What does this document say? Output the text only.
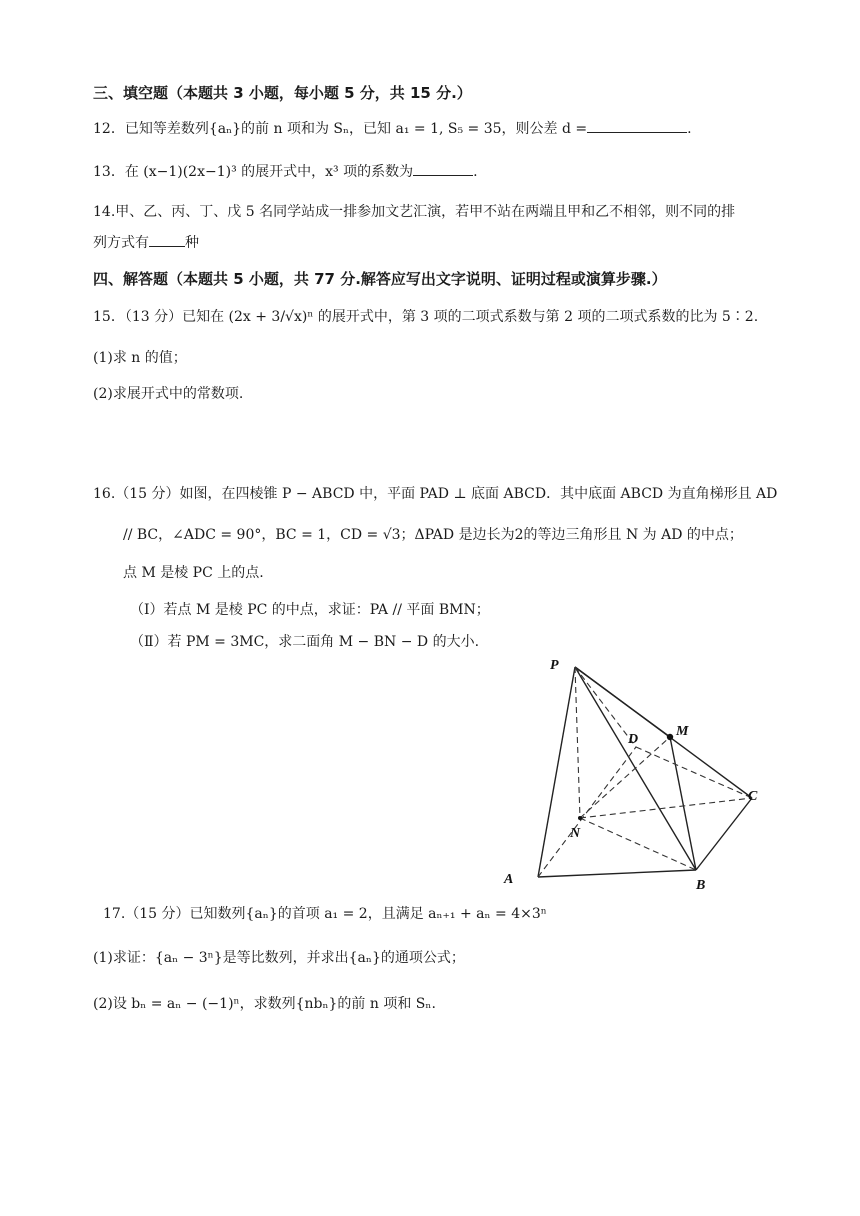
三、填空题（本题共 3 小题，每小题 5 分，共 15 分.）
12．已知等差数列{aₙ}的前 n 项和为 Sₙ，已知 a₁ = 1, S₅ = 35，则公差 d =	.
13．在 (x−1)(2x−1)³ 的展开式中，x³ 项的系数为	.
14.甲、乙、丙、丁、戊 5 名同学站成一排参加文艺汇演，若甲不站在两端且甲和乙不相邻，则不同的排
列方式有	种
四、解答题（本题共 5 小题，共 77 分.解答应写出文字说明、证明过程或演算步骤.）
15．（13 分）已知在 (2x + 3/√x)ⁿ 的展开式中，第 3 项的二项式系数与第 2 项的二项式系数的比为 5∶2.
(1)求 n 的值；
(2)求展开式中的常数项.
16.（15 分）如图，在四棱锥 P − ABCD 中，平面 PAD ⊥ 底面 ABCD．其中底面 ABCD 为直角梯形且 AD
// BC，∠ADC = 90°，BC = 1，CD = √3；ΔPAD 是边长为2的等边三角形且 N 为 AD 的中点；
点 M 是棱 PC 上的点.
（Ⅰ）若点 M 是棱 PC 的中点，求证：PA // 平面 BMN；
（Ⅱ）若 PM = 3MC，求二面角 M − BN − D 的大小.
P
D
M
C
N
A	B
17.（15 分）已知数列{aₙ}的首项 a₁ = 2，且满足 aₙ₊₁ + aₙ = 4×3ⁿ
(1)求证：{aₙ − 3ⁿ}是等比数列，并求出{aₙ}的通项公式；
(2)设 bₙ = aₙ − (−1)ⁿ，求数列{nbₙ}的前 n 项和 Sₙ.
